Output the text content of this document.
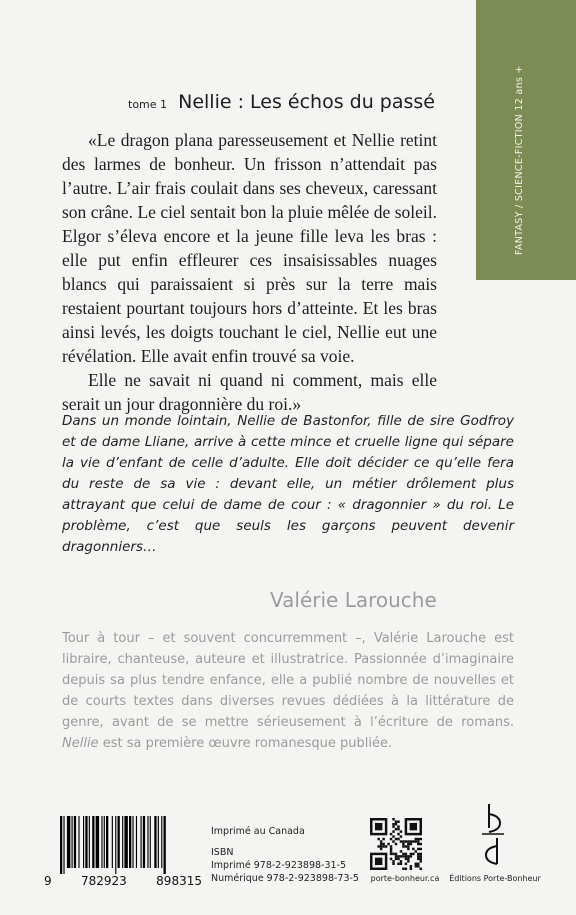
FANTASY / SCIENCE-FICTION 12 ans +
tome 1 Nellie : Les échos du passé

«Le dragon plana paresseusement et Nellie retint des larmes de bonheur. Un frisson n’attendait pas l’autre. L’air frais coulait dans ses cheveux, caressant son crâne. Le ciel sentait bon la pluie mêlée de soleil. Elgor s’éleva encore et la jeune fille leva les bras : elle put enfin effleurer ces insaisissables nuages blancs qui paraissaient si près sur la terre mais restaient pourtant toujours hors d’atteinte. Et les bras ainsi levés, les doigts touchant le ciel, Nellie eut une révélation. Elle avait enfin trouvé sa voie.

Elle ne savait ni quand ni comment, mais elle serait un jour dragonnière du roi.»

Dans un monde lointain, Nellie de Bastonfor, fille de sire Godfroy et de dame Lliane, arrive à cette mince et cruelle ligne qui sépare la vie d’enfant de celle d’adulte. Elle doit décider ce qu’elle fera du reste de sa vie : devant elle, un métier drôlement plus attrayant que celui de dame de cour : « dragonnier » du roi. Le problème, c’est que seuls les garçons peuvent devenir dragonniers…

Valérie Larouche

Tour à tour – et souvent concurremment –, Valérie Larouche est libraire, chanteuse, auteure et illustratrice. Passionnée d’imaginaire depuis sa plus tendre enfance, elle a publié nombre de nouvelles et de courts textes dans diverses revues dédiées à la littérature de genre, avant de se mettre sérieusement à l’écriture de romans. Nellie est sa première œuvre romanesque publiée.

9 782923 898315
Imprimé au Canada
ISBN
Imprimé 978-2-923898-31-5
Numérique 978-2-923898-73-5	porte-bonheur.ca	Éditions Porte-Bonheur
